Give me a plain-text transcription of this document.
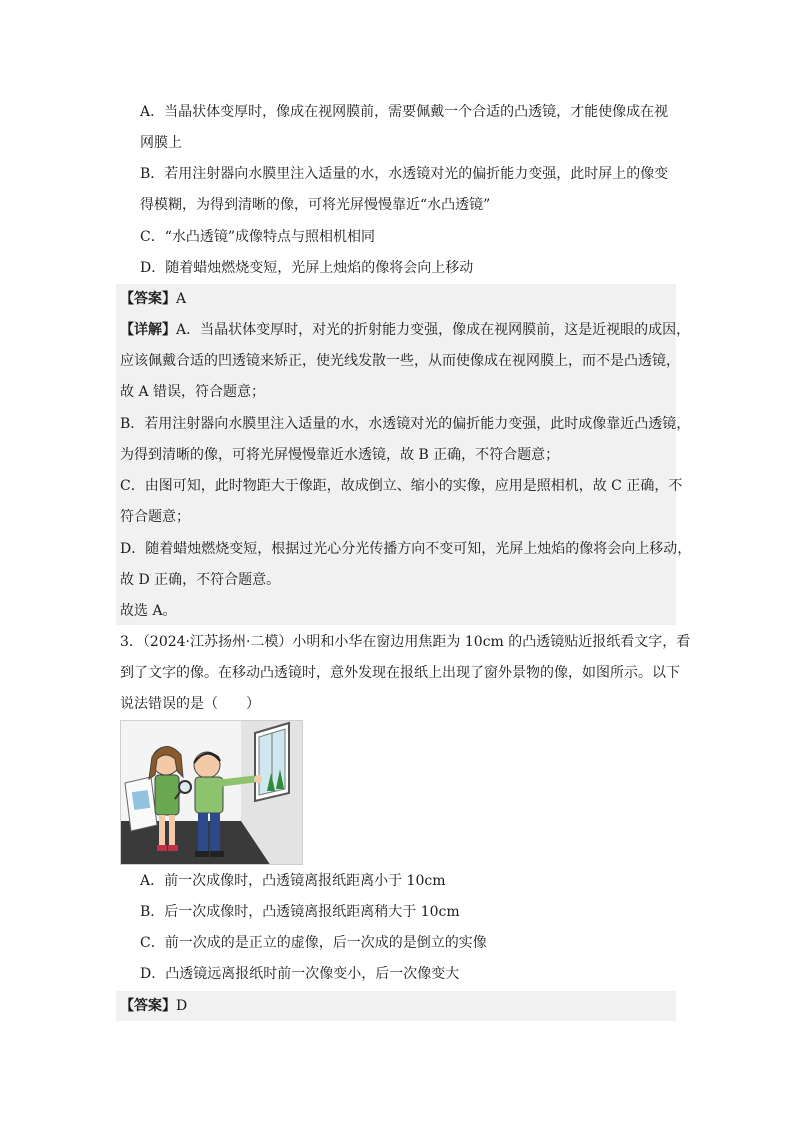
A．当晶状体变厚时，像成在视网膜前，需要佩戴一个合适的凸透镜，才能使像成在视
网膜上
B．若用注射器向水膜里注入适量的水，水透镜对光的偏折能力变强，此时屏上的像变
得模糊，为得到清晰的像，可将光屏慢慢靠近“水凸透镜”
C．“水凸透镜”成像特点与照相机相同
D．随着蜡烛燃烧变短，光屏上烛焰的像将会向上移动
【答案】A
【详解】A．当晶状体变厚时，对光的折射能力变强，像成在视网膜前，这是近视眼的成因，
应该佩戴合适的凹透镜来矫正，使光线发散一些，从而使像成在视网膜上，而不是凸透镜，
故 A 错误，符合题意；
B．若用注射器向水膜里注入适量的水，水透镜对光的偏折能力变强，此时成像靠近凸透镜，
为得到清晰的像，可将光屏慢慢靠近水透镜，故 B 正确，不符合题意；
C．由图可知，此时物距大于像距，故成倒立、缩小的实像，应用是照相机，故 C 正确，不
符合题意；
D．随着蜡烛燃烧变短，根据过光心分光传播方向不变可知，光屏上烛焰的像将会向上移动，
故 D 正确，不符合题意。
故选 A。
3．（2024·江苏扬州·二模）小明和小华在窗边用焦距为 10cm 的凸透镜贴近报纸看文字，看
到了文字的像。在移动凸透镜时，意外发现在报纸上出现了窗外景物的像，如图所示。以下
说法错误的是（　　）
A．前一次成像时，凸透镜离报纸距离小于 10cm
B．后一次成像时，凸透镜离报纸距离稍大于 10cm
C．前一次成的是正立的虚像，后一次成的是倒立的实像
D．凸透镜远离报纸时前一次像变小，后一次像变大
【答案】D
